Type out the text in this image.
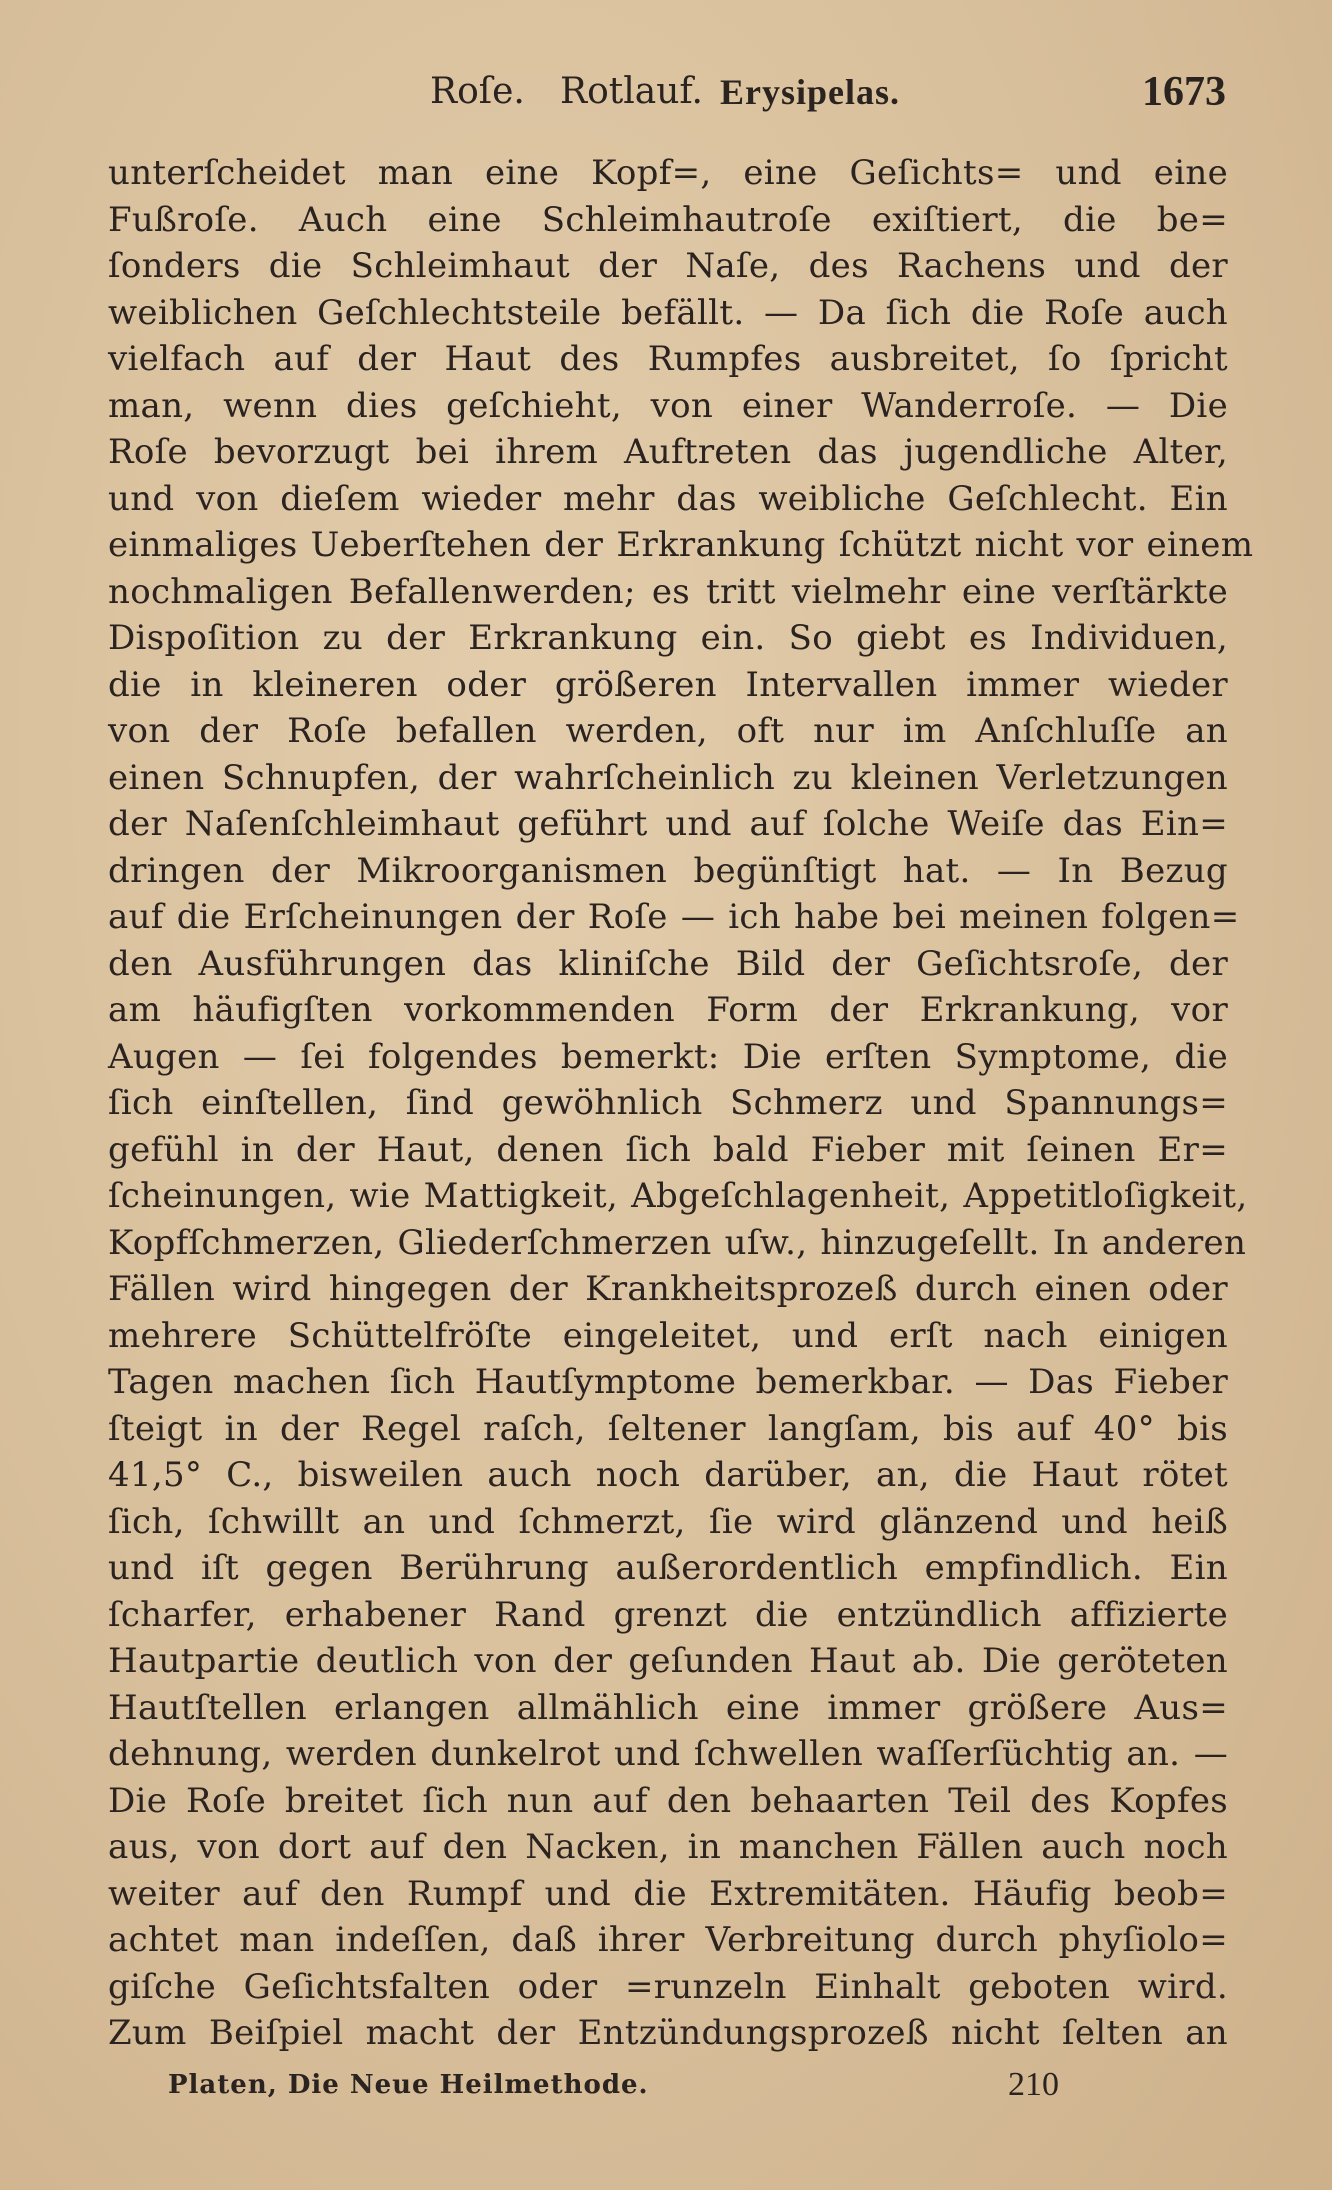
Roſe. Rotlauf. Erysipelas.	1673
unterſcheidet man eine Kopf=, eine Geſichts= und eine
Fußroſe. Auch eine Schleimhautroſe exiſtiert, die be=
ſonders die Schleimhaut der Naſe, des Rachens und der
weiblichen Geſchlechtsteile befällt. — Da ſich die Roſe auch
vielfach auf der Haut des Rumpfes ausbreitet, ſo ſpricht
man, wenn dies geſchieht, von einer Wanderroſe. — Die
Roſe bevorzugt bei ihrem Auftreten das jugendliche Alter,
und von dieſem wieder mehr das weibliche Geſchlecht. Ein
einmaliges Ueberſtehen der Erkrankung ſchützt nicht vor einem
nochmaligen Befallenwerden; es tritt vielmehr eine verſtärkte
Dispoſition zu der Erkrankung ein. So giebt es Individuen,
die in kleineren oder größeren Intervallen immer wieder
von der Roſe befallen werden, oft nur im Anſchluſſe an
einen Schnupfen, der wahrſcheinlich zu kleinen Verletzungen
der Naſenſchleimhaut geführt und auf ſolche Weiſe das Ein=
dringen der Mikroorganismen begünſtigt hat. — In Bezug
auf die Erſcheinungen der Roſe — ich habe bei meinen folgen=
den Ausführungen das kliniſche Bild der Geſichtsroſe, der
am häufigſten vorkommenden Form der Erkrankung, vor
Augen — ſei folgendes bemerkt: Die erſten Symptome, die
ſich einſtellen, ſind gewöhnlich Schmerz und Spannungs=
gefühl in der Haut, denen ſich bald Fieber mit ſeinen Er=
ſcheinungen, wie Mattigkeit, Abgeſchlagenheit, Appetitloſigkeit,
Kopfſchmerzen, Gliederſchmerzen uſw., hinzugeſellt. In anderen
Fällen wird hingegen der Krankheitsprozeß durch einen oder
mehrere Schüttelfröſte eingeleitet, und erſt nach einigen
Tagen machen ſich Hautſymptome bemerkbar. — Das Fieber
ſteigt in der Regel raſch, ſeltener langſam, bis auf 40° bis
41,5° C., bisweilen auch noch darüber, an, die Haut rötet
ſich, ſchwillt an und ſchmerzt, ſie wird glänzend und heiß
und iſt gegen Berührung außerordentlich empfindlich. Ein
ſcharfer, erhabener Rand grenzt die entzündlich affizierte
Hautpartie deutlich von der geſunden Haut ab. Die geröteten
Hautſtellen erlangen allmählich eine immer größere Aus=
dehnung, werden dunkelrot und ſchwellen waſſerſüchtig an. —
Die Roſe breitet ſich nun auf den behaarten Teil des Kopfes
aus, von dort auf den Nacken, in manchen Fällen auch noch
weiter auf den Rumpf und die Extremitäten. Häufig beob=
achtet man indeſſen, daß ihrer Verbreitung durch phyſiolo=
giſche Geſichtsfalten oder =runzeln Einhalt geboten wird.
Zum Beiſpiel macht der Entzündungsprozeß nicht ſelten an
Platen, Die Neue Heilmethode.	210
